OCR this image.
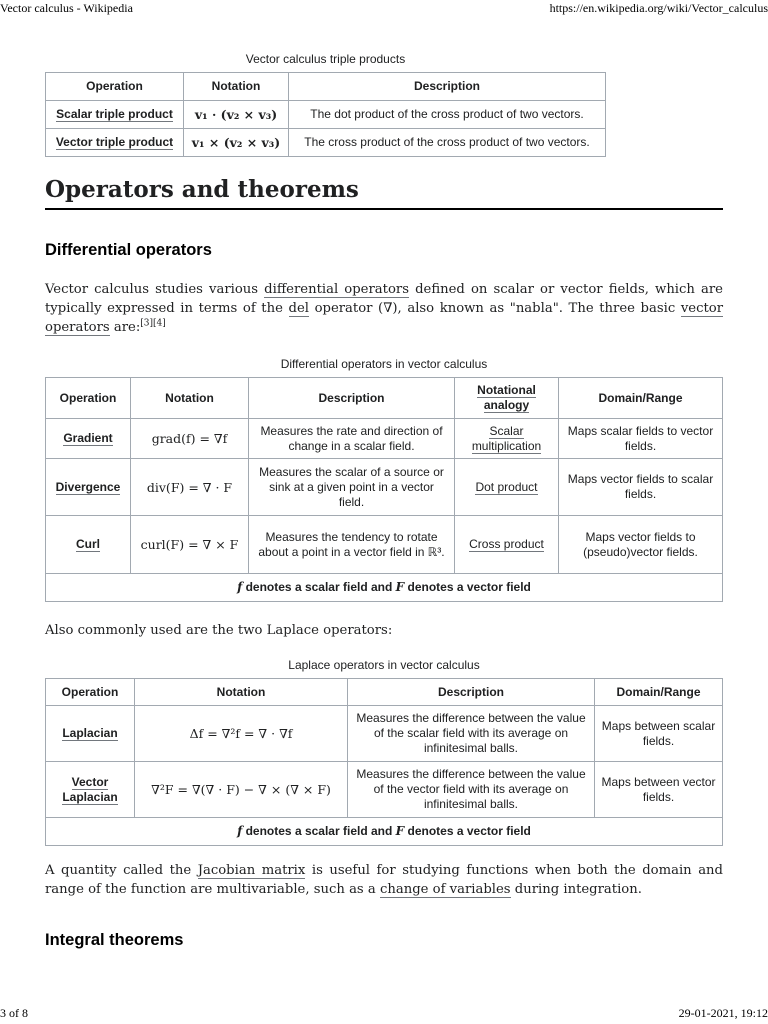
Vector calculus - Wikipedia	https://en.wikipedia.org/wiki/Vector_calculus
Vector calculus triple products
Operation	Notation	Description
Scalar triple product	v₁ · (v₂ × v₃)	The dot product of the cross product of two vectors.
Vector triple product	v₁ × (v₂ × v₃)	The cross product of the cross product of two vectors.
Operators and theorems
Differential operators

Vector calculus studies various differential operators defined on scalar or vector fields, which are typically expressed in terms of the del operator (∇), also known as "nabla". The three basic vector operators are:[3][4]

Differential operators in vector calculus
Operation	Notation	Description	Notational analogy	Domain/Range
Gradient	grad(f) = ∇f	Measures the rate and direction of change in a scalar field.	Scalar multiplication	Maps scalar fields to vector fields.
Divergence	div(F) = ∇ · F	Measures the scalar of a source or sink at a given point in a vector field.	Dot product	Maps vector fields to scalar fields.
Curl	curl(F) = ∇ × F	Measures the tendency to rotate about a point in a vector field in ℝ³.	Cross product	Maps vector fields to (pseudo)vector fields.
f denotes a scalar field and F denotes a vector field				

Also commonly used are the two Laplace operators:

Laplace operators in vector calculus
Operation	Notation	Description	Domain/Range
Laplacian	Δf = ∇²f = ∇ · ∇f	Measures the difference between the value of the scalar field with its average on infinitesimal balls.	Maps between scalar fields.
Vector Laplacian	∇²F = ∇(∇ · F) − ∇ × (∇ × F)	Measures the difference between the value of the vector field with its average on infinitesimal balls.	Maps between vector fields.
f denotes a scalar field and F denotes a vector field			

A quantity called the Jacobian matrix is useful for studying functions when both the domain and range of the function are multivariable, such as a change of variables during integration.

Integral theorems
3 of 8	29-01-2021, 19:12
